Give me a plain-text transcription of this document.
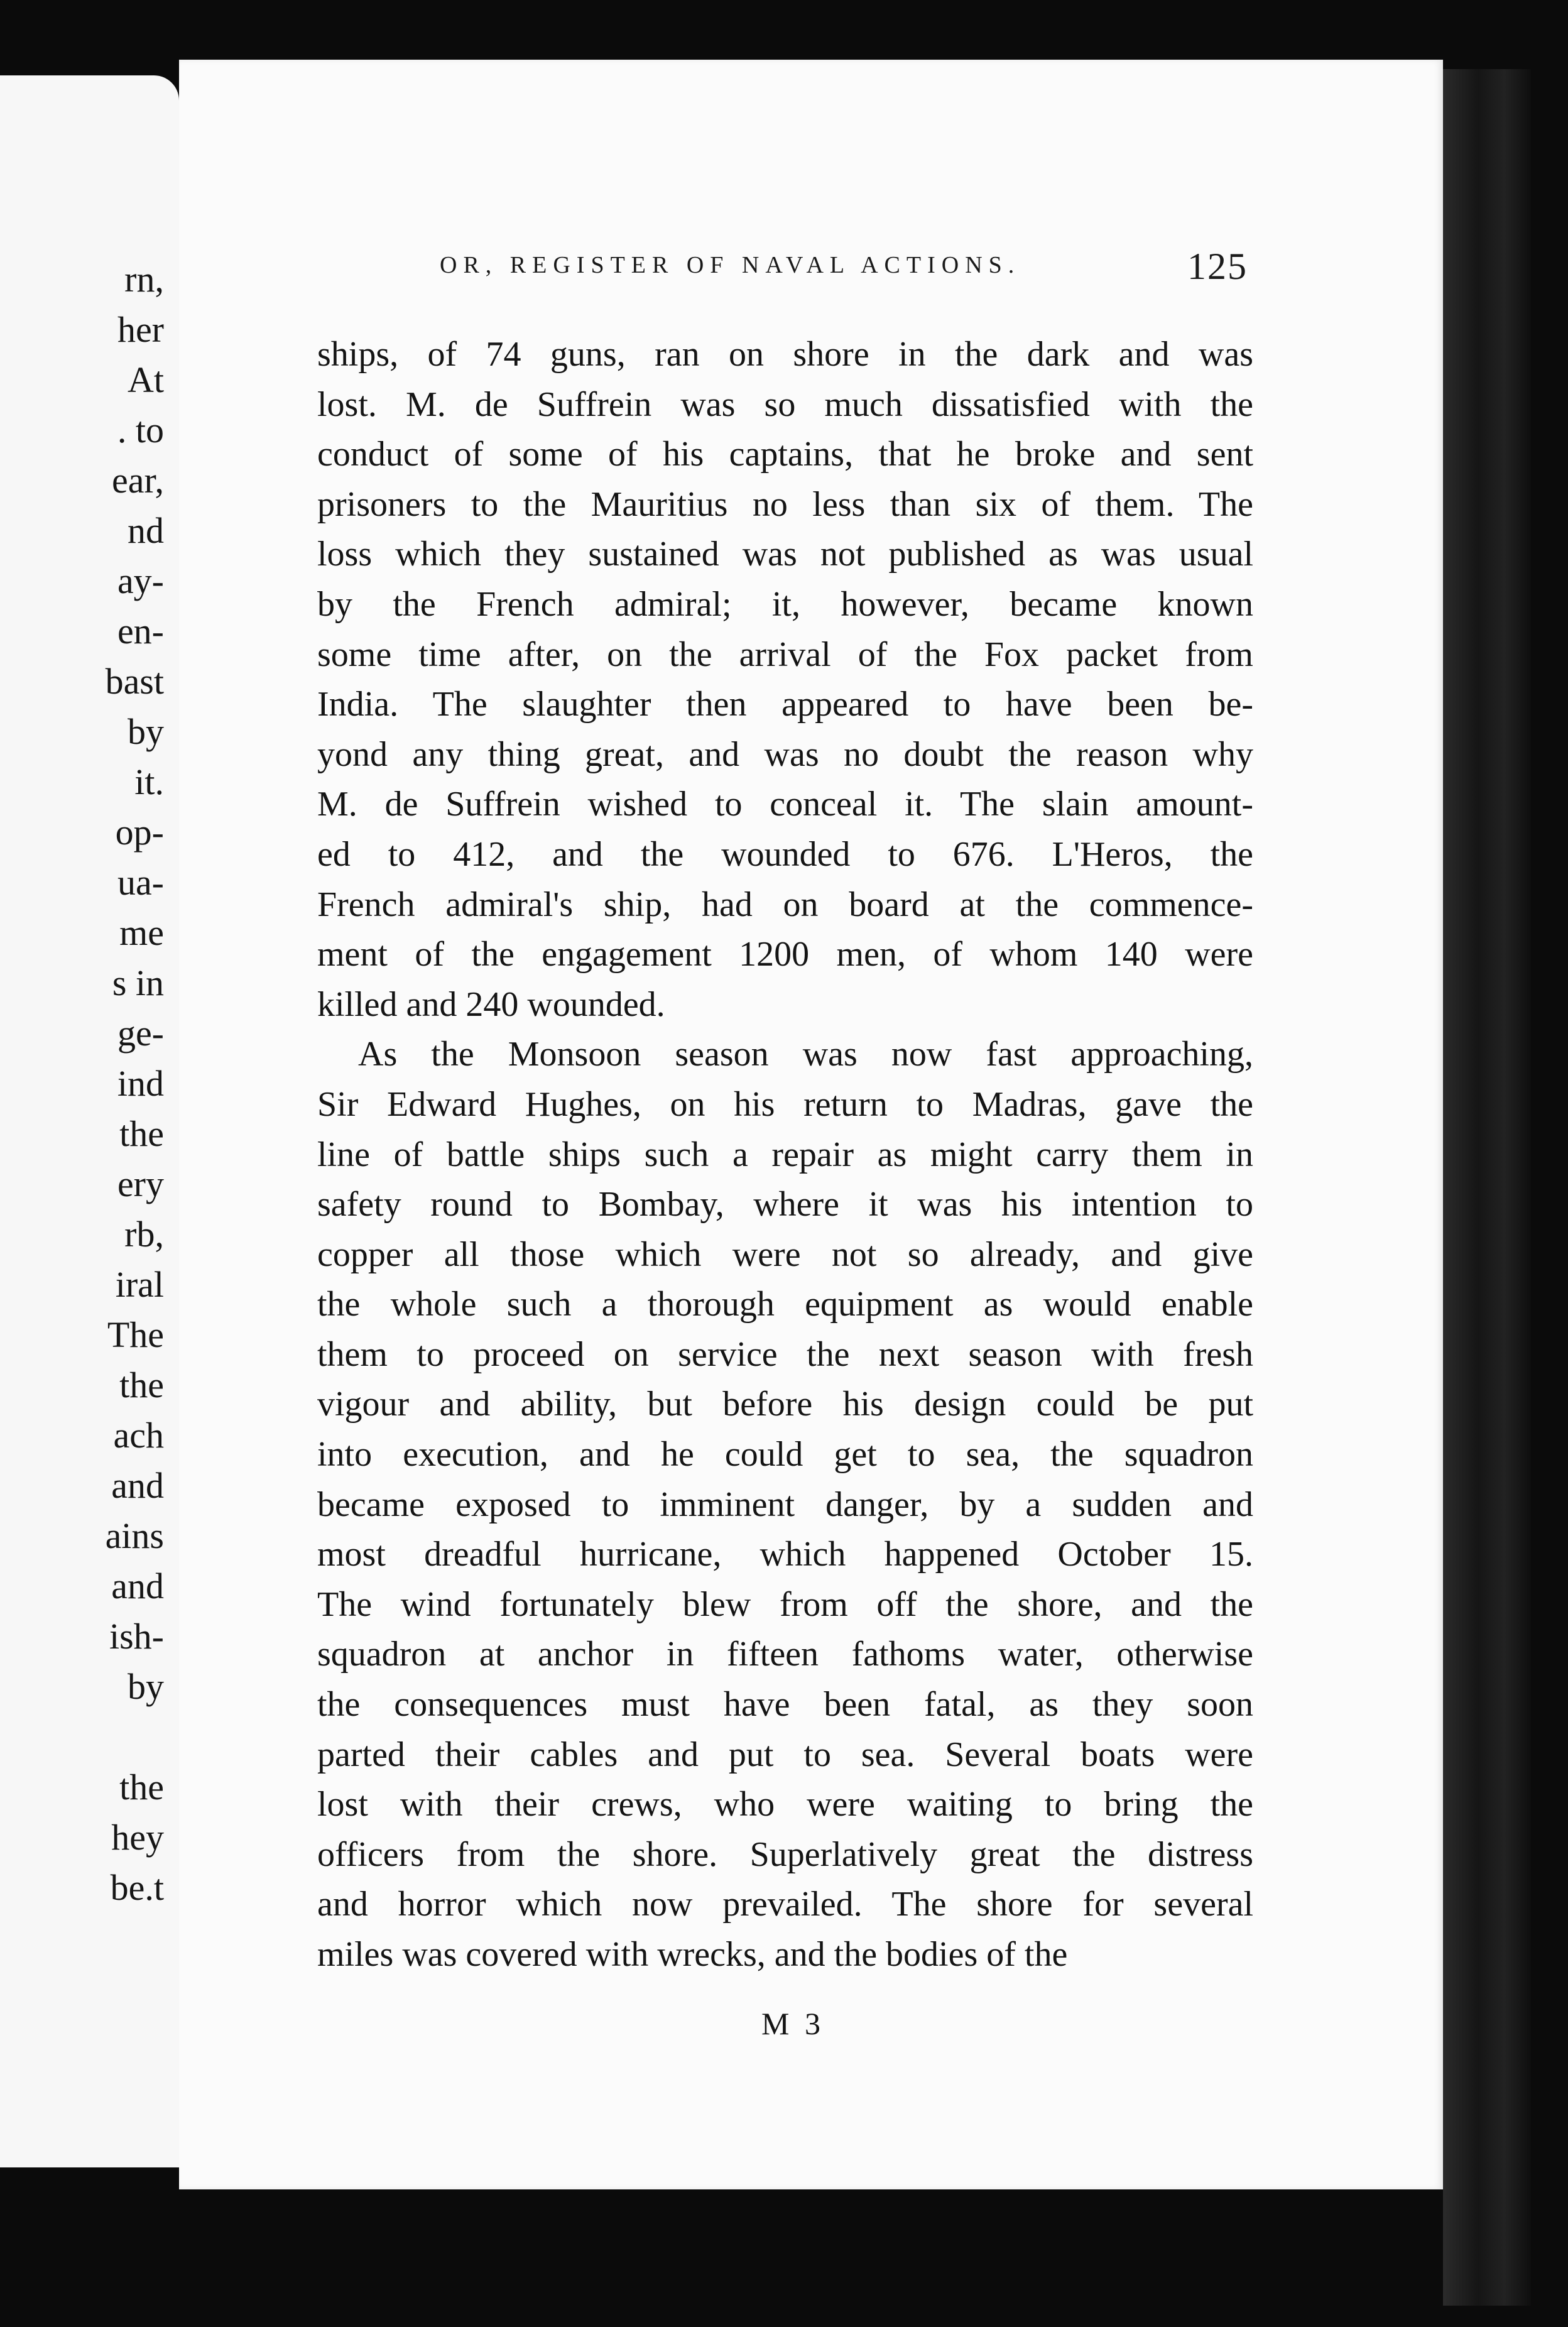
rn,
her
At
. to
ear,
nd
ay-
en-
bast
by
it.
op-
ua-
me
s in
ge-
ind
the
ery
rb,
iral
The
the
ach
and
ains
and
ish-
by
the
hey
be.t
OR, REGISTER OF NAVAL ACTIONS.	125
ships, of 74 guns, ran on shore in the dark and was
lost. M. de Suffrein was so much dissatisfied with the
conduct of some of his captains, that he broke and sent
prisoners to the Mauritius no less than six of them. The
loss which they sustained was not published as was usual
by the French admiral; it, however, became known
some time after, on the arrival of the Fox packet from
India. The slaughter then appeared to have been be-
yond any thing great, and was no doubt the reason why
M. de Suffrein wished to conceal it. The slain amount-
ed to 412, and the wounded to 676. L'Heros, the
French admiral's ship, had on board at the commence-
ment of the engagement 1200 men, of whom 140 were
killed and 240 wounded.
As the Monsoon season was now fast approaching,
Sir Edward Hughes, on his return to Madras, gave the
line of battle ships such a repair as might carry them in
safety round to Bombay, where it was his intention to
copper all those which were not so already, and give
the whole such a thorough equipment as would enable
them to proceed on service the next season with fresh
vigour and ability, but before his design could be put
into execution, and he could get to sea, the squadron
became exposed to imminent danger, by a sudden and
most dreadful hurricane, which happened October 15.
The wind fortunately blew from off the shore, and the
squadron at anchor in fifteen fathoms water, otherwise
the consequences must have been fatal, as they soon
parted their cables and put to sea. Several boats were
lost with their crews, who were waiting to bring the
officers from the shore. Superlatively great the distress
and horror which now prevailed. The shore for several
miles was covered with wrecks, and the bodies of the
M 3
